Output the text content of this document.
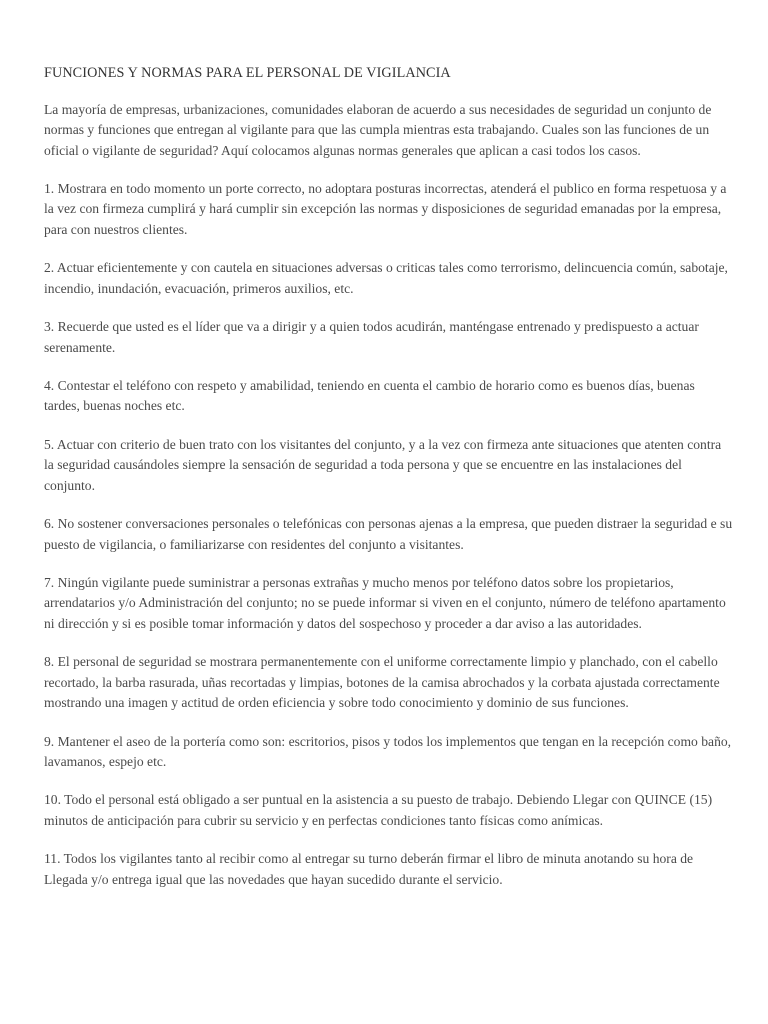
FUNCIONES Y NORMAS PARA EL PERSONAL DE VIGILANCIA

La mayoría de empresas, urbanizaciones, comunidades elaboran de acuerdo a sus necesidades de seguridad un conjunto de normas y funciones que entregan al vigilante para que las cumpla mientras esta trabajando. Cuales son las funciones de un oficial o vigilante de seguridad? Aquí colocamos algunas normas generales que aplican a casi todos los casos.

1. Mostrara en todo momento un porte correcto, no adoptara posturas incorrectas, atenderá el publico en forma respetuosa y a la vez con firmeza cumplirá y hará cumplir sin excepción las normas y disposiciones de seguridad emanadas por la empresa, para con nuestros clientes.

2. Actuar eficientemente y con cautela en situaciones adversas o criticas tales como terrorismo, delincuencia común, sabotaje, incendio, inundación, evacuación, primeros auxilios, etc.

3. Recuerde que usted es el líder que va a dirigir y a quien todos acudirán, manténgase entrenado y predispuesto a actuar serenamente.

4. Contestar el teléfono con respeto y amabilidad, teniendo en cuenta el cambio de horario como es buenos días, buenas tardes, buenas noches etc.

5. Actuar con criterio de buen trato con los visitantes del conjunto, y a la vez con firmeza ante situaciones que atenten contra la seguridad causándoles siempre la sensación de seguridad a toda persona y que se encuentre en las instalaciones del conjunto.

6. No sostener conversaciones personales o telefónicas con personas ajenas a la empresa, que pueden distraer la seguridad e su puesto de vigilancia, o familiarizarse con residentes del conjunto a visitantes.

7. Ningún vigilante puede suministrar a personas extrañas y mucho menos por teléfono datos sobre los propietarios, arrendatarios y/o Administración del conjunto; no se puede informar si viven en el conjunto, número de teléfono apartamento ni dirección y si es posible tomar información y datos del sospechoso y proceder a dar aviso a las autoridades.

8. El personal de seguridad se mostrara permanentemente con el uniforme correctamente limpio y planchado, con el cabello recortado, la barba rasurada, uñas recortadas y limpias, botones de la camisa abrochados y la corbata ajustada correctamente mostrando una imagen y actitud de orden eficiencia y sobre todo conocimiento y dominio de sus funciones.

9. Mantener el aseo de la portería como son: escritorios, pisos y todos los implementos que tengan en la recepción como baño, lavamanos, espejo etc.

10. Todo el personal está obligado a ser puntual en la asistencia a su puesto de trabajo. Debiendo Llegar con QUINCE (15) minutos de anticipación para cubrir su servicio y en perfectas condiciones tanto físicas como anímicas.

11. Todos los vigilantes tanto al recibir como al entregar su turno deberán firmar el libro de minuta anotando su hora de Llegada y/o entrega igual que las novedades que hayan sucedido durante el servicio.
